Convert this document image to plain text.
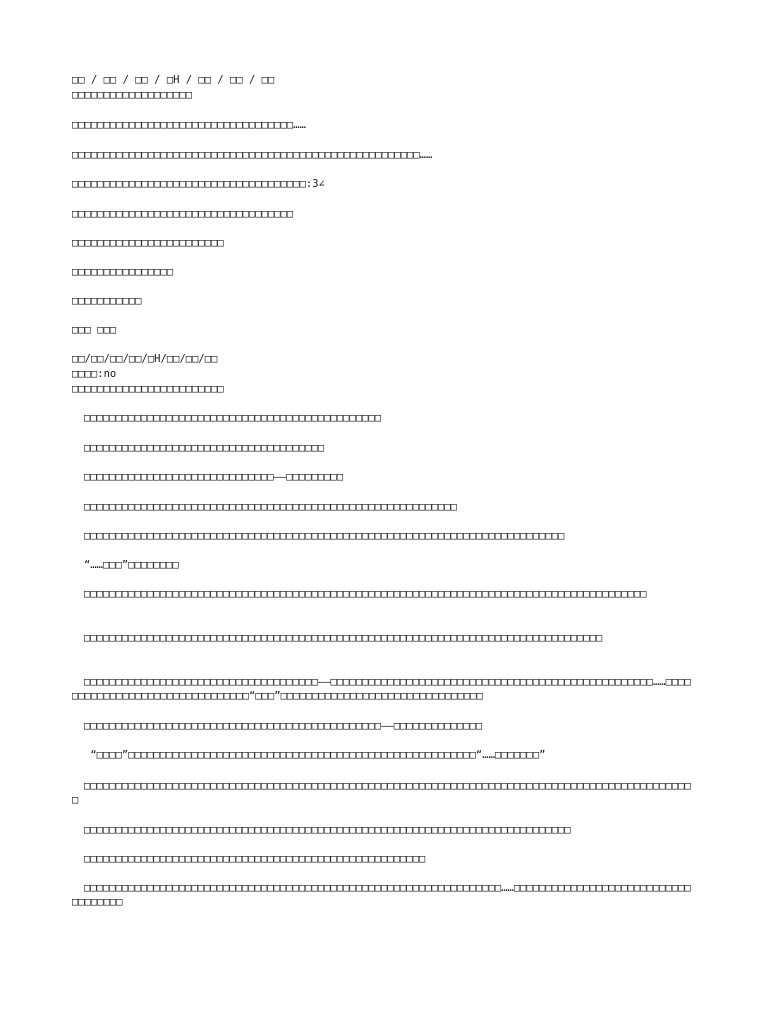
□□ / □□ / □□ / □H / □□ / □□ / □□
□□□□□□□□□□□□□□□□□□□
□□□□□□□□□□□□□□□□□□□□□□□□□□□□□□□□□□□……
□□□□□□□□□□□□□□□□□□□□□□□□□□□□□□□□□□□□□□□□□□□□□□□□□□□□□□□……
□□□□□□□□□□□□□□□□□□□□□□□□□□□□□□□□□□□□□:3∠
□□□□□□□□□□□□□□□□□□□□□□□□□□□□□□□□□□□
□□□□□□□□□□□□□□□□□□□□□□□□
□□□□□□□□□□□□□□□□
□□□□□□□□□□□
□□□ □□□
□□/□□/□□/□□/□H/□□/□□/□□
□□□□:no
□□□□□□□□□□□□□□□□□□□□□□□□
□□□□□□□□□□□□□□□□□□□□□□□□□□□□□□□□□□□□□□□□□□□□□□□
□□□□□□□□□□□□□□□□□□□□□□□□□□□□□□□□□□□□□□
□□□□□□□□□□□□□□□□□□□□□□□□□□□□□□——□□□□□□□□□
□□□□□□□□□□□□□□□□□□□□□□□□□□□□□□□□□□□□□□□□□□□□□□□□□□□□□□□□□□□
□□□□□□□□□□□□□□□□□□□□□□□□□□□□□□□□□□□□□□□□□□□□□□□□□□□□□□□□□□□□□□□□□□□□□□□□□□□□
“……□□□”□□□□□□□□
□□□□□□□□□□□□□□□□□□□□□□□□□□□□□□□□□□□□□□□□□□□□□□□□□□□□□□□□□□□□□□□□□□□□□□□□□□□□□□□□□□□□□□□□□
□□□□□□□□□□□□□□□□□□□□□□□□□□□□□□□□□□□□□□□□□□□□□□□□□□□□□□□□□□□□□□□□□□□□□□□□□□□□□□□□□□
□□□□□□□□□□□□□□□□□□□□□□□□□□□□□□□□□□□□□——□□□□□□□□□□□□□□□□□□□□□□□□□□□□□□□□□□□□□□□□□□□□□□□□□□□……□□□□□□□□□□□□□□□□□□□□□□□□□□□□□□□□“□□□”□□□□□□□□□□□□□□□□□□□□□□□□□□□□□□□□
□□□□□□□□□□□□□□□□□□□□□□□□□□□□□□□□□□□□□□□□□□□□□□□——□□□□□□□□□□□□□□
“□□□□”□□□□□□□□□□□□□□□□□□□□□□□□□□□□□□□□□□□□□□□□□□□□□□□□□□□□□□□“……□□□□□□□”
□□□□□□□□□□□□□□□□□□□□□□□□□□□□□□□□□□□□□□□□□□□□□□□□□□□□□□□□□□□□□□□□□□□□□□□□□□□□□□□□□□□□□□□□□□□□□□□□□
□□□□□□□□□□□□□□□□□□□□□□□□□□□□□□□□□□□□□□□□□□□□□□□□□□□□□□□□□□□□□□□□□□□□□□□□□□□□□
□□□□□□□□□□□□□□□□□□□□□□□□□□□□□□□□□□□□□□□□□□□□□□□□□□□□□□
□□□□□□□□□□□□□□□□□□□□□□□□□□□□□□□□□□□□□□□□□□□□□□□□□□□□□□□□□□□□□□□□□□……□□□□□□□□□□□□□□□□□□□□□□□□□□□□□□□□□□□□
